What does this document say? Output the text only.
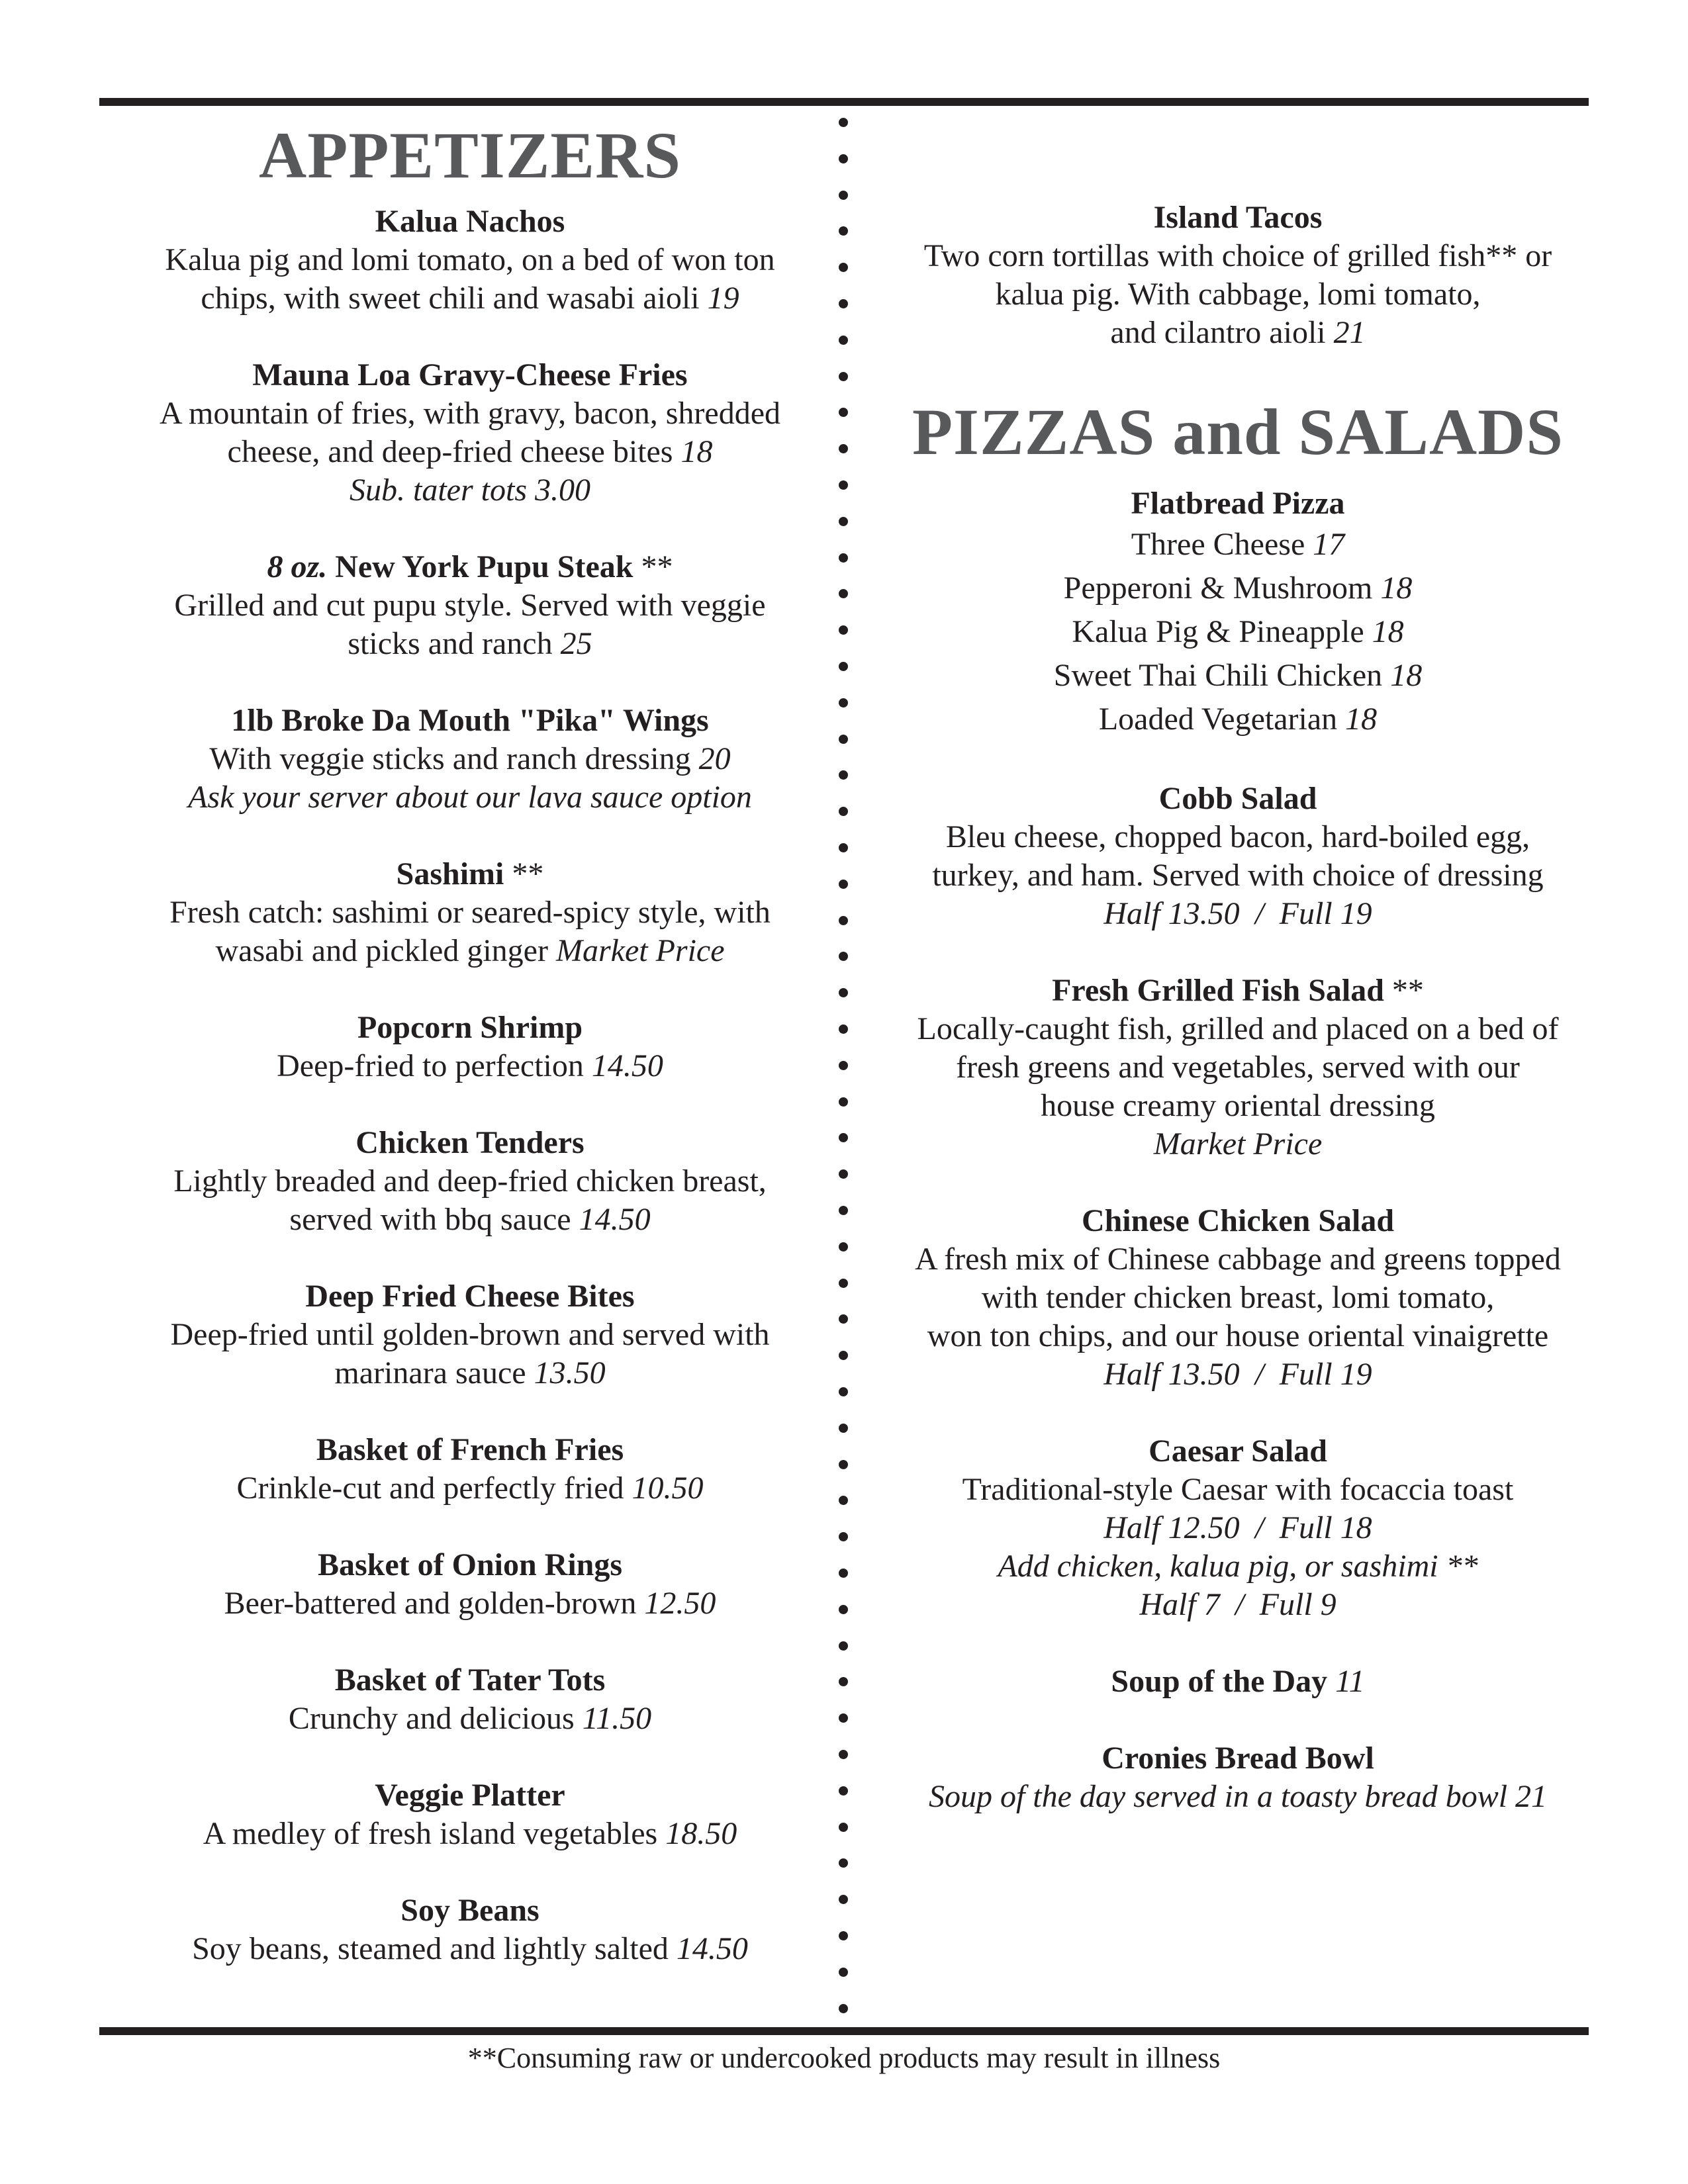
APPETIZERS
Kalua Nachos
Kalua pig and lomi tomato, on a bed of won ton
chips, with sweet chili and wasabi aioli 19
Mauna Loa Gravy-Cheese Fries
A mountain of fries, with gravy, bacon, shredded
cheese, and deep-fried cheese bites 18
Sub. tater tots 3.00
8 oz. New York Pupu Steak **
Grilled and cut pupu style. Served with veggie
sticks and ranch 25
1lb Broke Da Mouth "Pika" Wings
With veggie sticks and ranch dressing 20
Ask your server about our lava sauce option
Sashimi **
Fresh catch: sashimi or seared-spicy style, with
wasabi and pickled ginger Market Price
Popcorn Shrimp
Deep-fried to perfection 14.50
Chicken Tenders
Lightly breaded and deep-fried chicken breast,
served with bbq sauce 14.50
Deep Fried Cheese Bites
Deep-fried until golden-brown and served with
marinara sauce 13.50
Basket of French Fries
Crinkle-cut and perfectly fried 10.50
Basket of Onion Rings
Beer-battered and golden-brown 12.50
Basket of Tater Tots
Crunchy and delicious 11.50
Veggie Platter
A medley of fresh island vegetables 18.50
Soy Beans
Soy beans, steamed and lightly salted 14.50
Island Tacos
Two corn tortillas with choice of grilled fish** or
kalua pig. With cabbage, lomi tomato,
and cilantro aioli 21
PIZZAS and SALADS
Flatbread Pizza
Three Cheese 17
Pepperoni & Mushroom 18
Kalua Pig & Pineapple 18
Sweet Thai Chili Chicken 18
Loaded Vegetarian 18
Cobb Salad
Bleu cheese, chopped bacon, hard-boiled egg,
turkey, and ham. Served with choice of dressing
Half 13.50 / Full 19
Fresh Grilled Fish Salad **
Locally-caught fish, grilled and placed on a bed of
fresh greens and vegetables, served with our
house creamy oriental dressing
Market Price
Chinese Chicken Salad
A fresh mix of Chinese cabbage and greens topped
with tender chicken breast, lomi tomato,
won ton chips, and our house oriental vinaigrette
Half 13.50 / Full 19
Caesar Salad
Traditional-style Caesar with focaccia toast
Half 12.50 / Full 18
Add chicken, kalua pig, or sashimi **
Half 7 / Full 9
Soup of the Day 11
Cronies Bread Bowl
Soup of the day served in a toasty bread bowl 21
**Consuming raw or undercooked products may result in illness
